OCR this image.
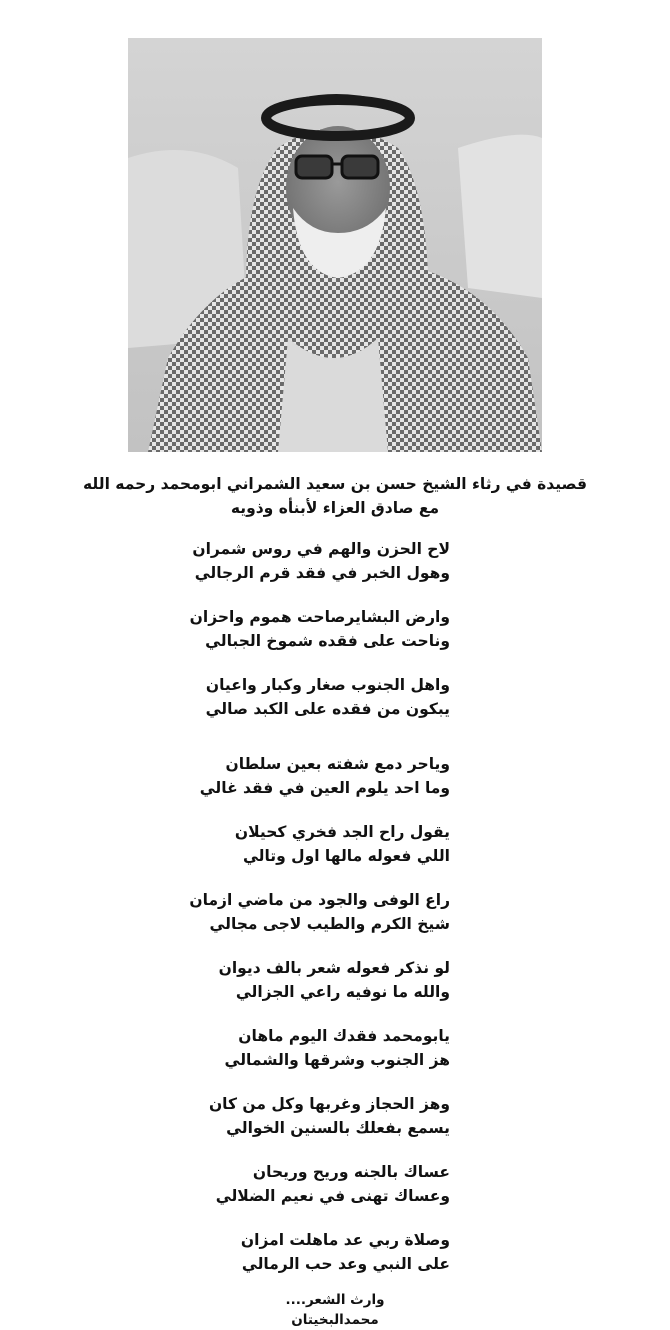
قصيدة في رثاء الشيخ حسن بن سعيد الشمراني ابومحمد رحمه الله
مع صادق العزاء لأبنأه وذويه
لاح الحزن والهم في روس شمران
وهول الخبر في فقد قرم الرجالي
وارض البشايرصاحت هموم واحزان
وناحت على فقده شموخ الجبالي
واهل الجنوب صغار وكبار واعيان
يبكون من فقده على الكبد صالي
وياحر دمع شفته بعين سلطان
وما احد يلوم العين في فقد غالي
يقول راح الجد فخري كحيلان
اللي فعوله مالها اول وتالي
راع الوفى والجود من ماضي ازمان
شيخ الكرم والطيب لاجى مجالي
لو نذكر فعوله شعر بالف ديوان
والله ما نوفيه راعي الجزالي
يابومحمد فقدك اليوم ماهان
هز الجنوب وشرقها والشمالي
وهز الحجاز وغربها وكل من كان
يسمع بفعلك بالسنين الخوالي
عساك بالجنه وريح وريحان
وعساك تهنى في نعيم الضلالي
وصلاة ربي عد ماهلت امزان
على النبي وعد حب الرمالي
وارث الشعر....
محمدالبخيتان
